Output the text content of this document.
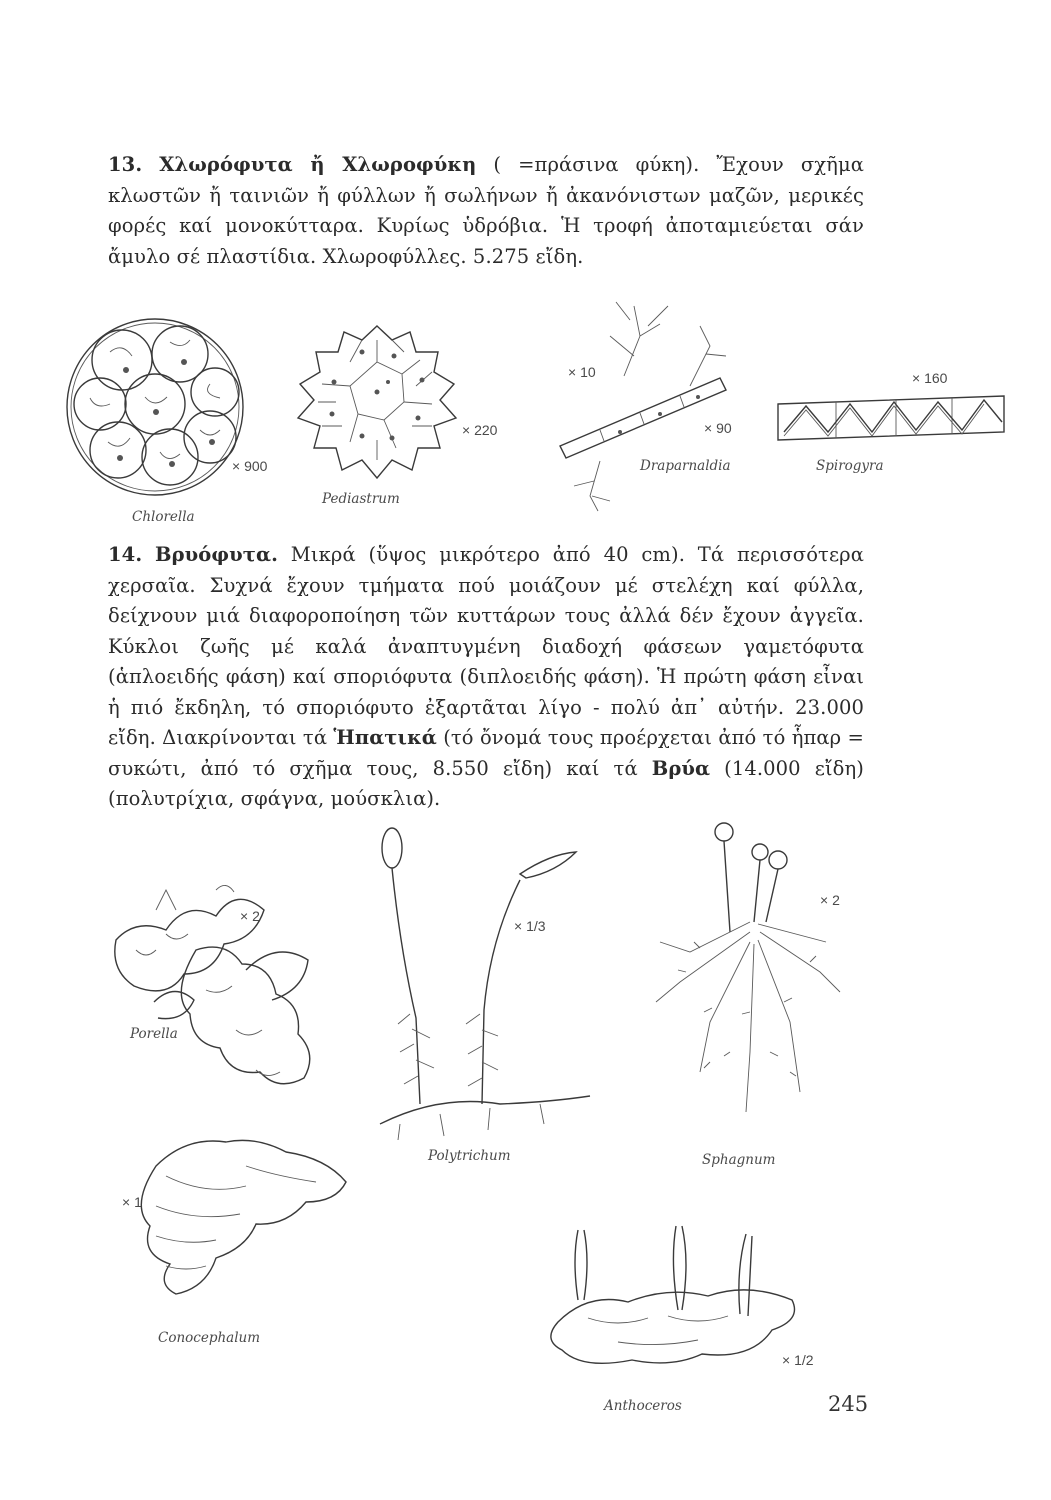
13. Χλωρόφυτα ἤ Χλωροφύκη ( =πράσινα φύκη). Ἔχουν σχῆμα κλωστῶν ἤ ταινιῶν ἤ φύλλων ἤ σωλήνων ἤ ἀκανόνιστων μαζῶν, μερικές φορές καί μονοκύτταρα. Κυρίως ὑδρόβια. Ἡ τροφή ἀποταμιεύεται σάν ἄμυλο σέ πλαστίδια. Χλωροφύλλες. 5.275 εἴδη.
× 900
Chlorella
× 220
Pediastrum
× 10
× 90
Draparnaldia
× 160
Spirogyra
14. Βρυόφυτα. Μικρά (ὕψος μικρότερο ἀπό 40 cm). Τά περισσότερα χερσαῖα. Συχνά ἔχουν τμήματα πού μοιάζουν μέ στελέχη καί φύλλα, δείχνουν μιά διαφοροποίηση τῶν κυττάρων τους ἀλλά δέν ἔχουν ἀγγεῖα. Κύκλοι ζωῆς μέ καλά ἀναπτυγμένη διαδοχή φάσεων γαμετόφυτα (ἁπλοειδής φάση) καί σποριόφυτα (διπλοειδής φάση). Ἡ πρώτη φάση εἶναι ἡ πιό ἔκδηλη, τό σποριόφυτο ἐξαρτᾶται λίγο - πολύ ἀπ᾿ αὐτήν. 23.000 εἴδη. Διακρίνονται τά Ἡπατικά (τό ὄνομά τους προέρχεται ἀπό τό ἧπαρ = συκώτι, ἀπό τό σχῆμα τους, 8.550 εἴδη) καί τά Βρύα (14.000 εἴδη) (πολυτρίχια, σφάγνα, μούσκλια).
× 2
Porella
× 1/3
Polytrichum
× 2
Sphagnum
× 1
Conocephalum
× 1/2
Anthoceros	245
